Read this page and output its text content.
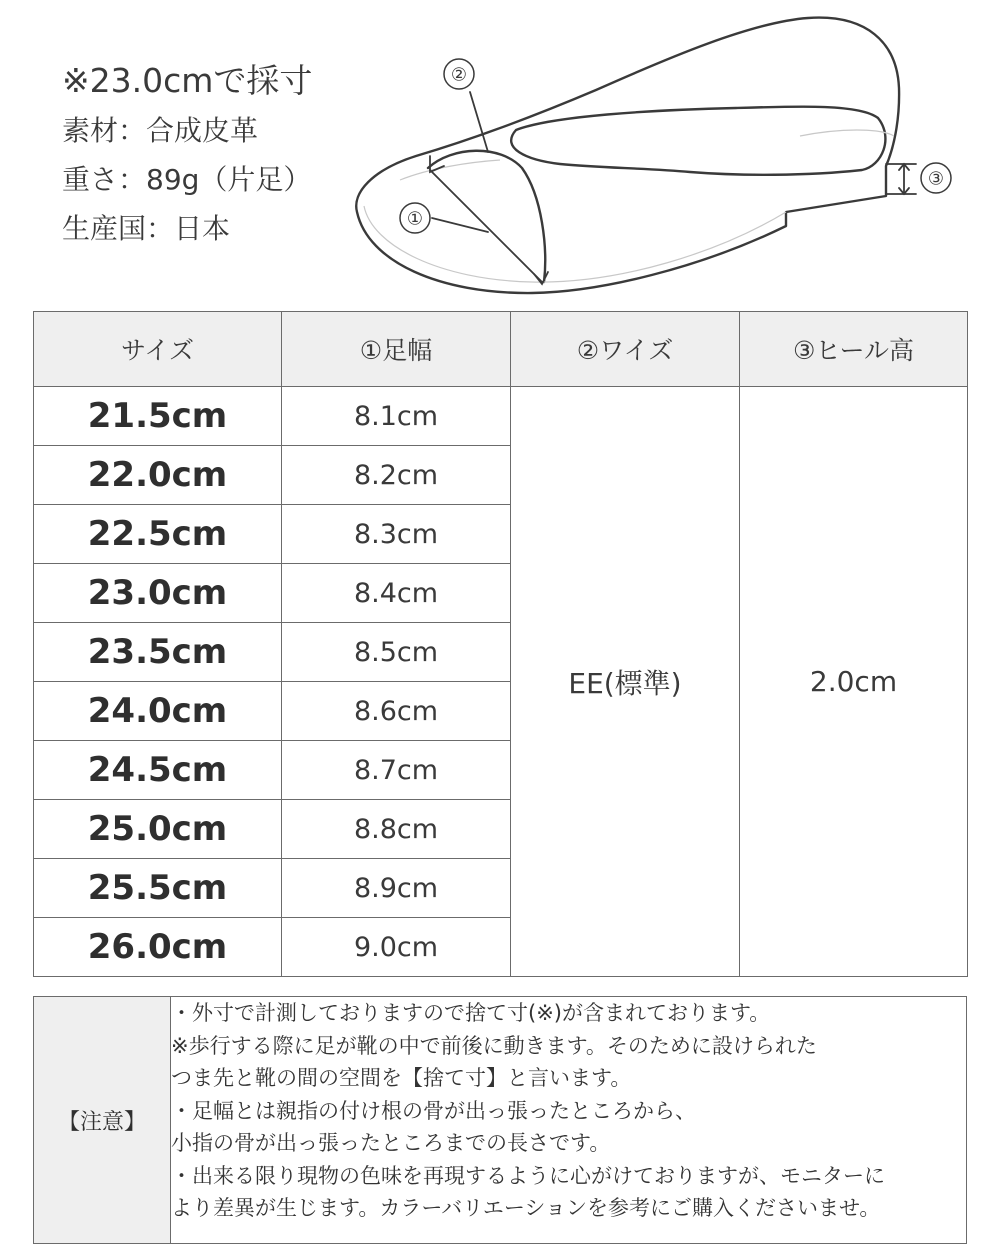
※23.0cmで採寸
素材：合成皮革
重さ：89g（片足）
生産国：日本
②
①
③
サイズ	①足幅	②ワイズ	③ヒール高
21.5cm	8.1cm	EE(標準)	2.0cm
22.0cm	8.2cm		
22.5cm	8.3cm		
23.0cm	8.4cm		
23.5cm	8.5cm		
24.0cm	8.6cm		
24.5cm	8.7cm		
25.0cm	8.8cm		
25.5cm	8.9cm		
26.0cm	9.0cm		
【注意】	
・外寸で計測しておりますので捨て寸(※)が含まれております。
※歩行する際に足が靴の中で前後に動きます。そのために設けられた
つま先と靴の間の空間を【捨て寸】と言います。
・足幅とは親指の付け根の骨が出っ張ったところから、
小指の骨が出っ張ったところまでの長さです。
・出来る限り現物の色味を再現するように心がけておりますが、モニターに
より差異が生じます。カラーバリエーションを参考にご購入くださいませ。
